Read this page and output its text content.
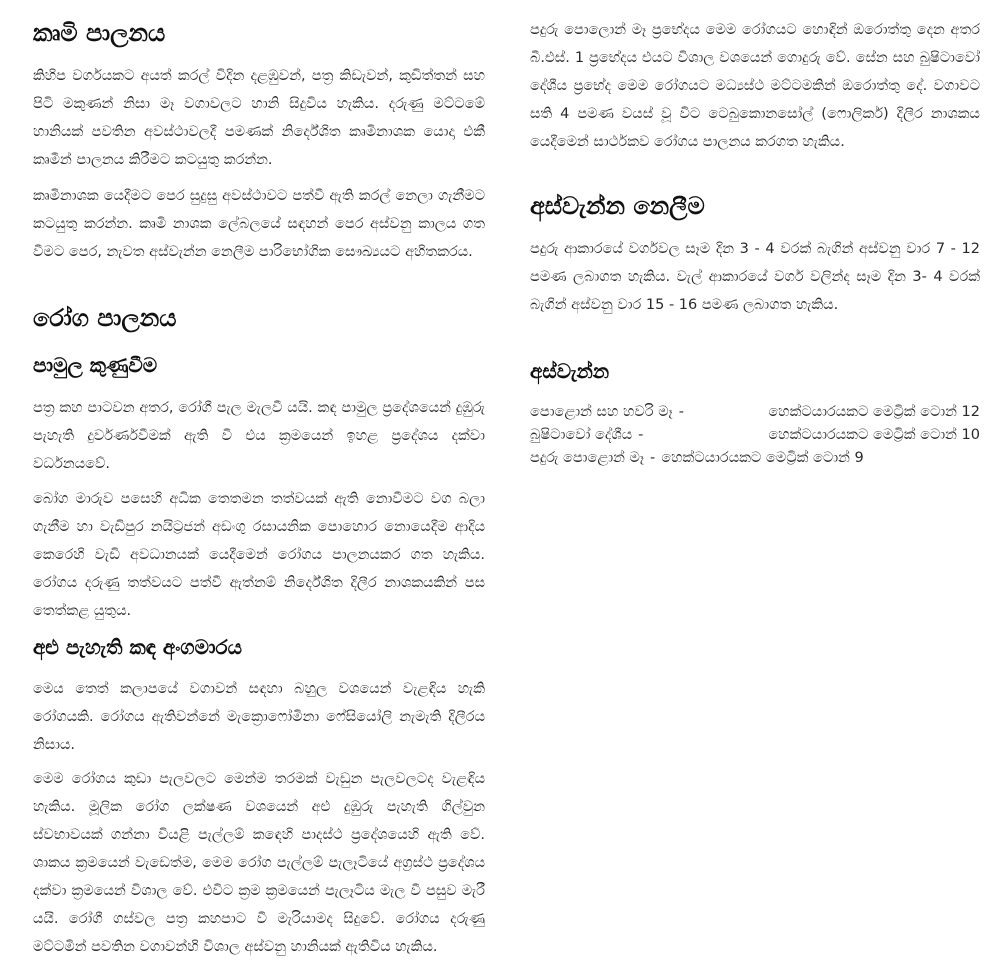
කෘමි පාලනය

කිහිප වර්ගයකට අයත් කරල් විදින දළඹුවන්, පත්‍ර කිඩැවන්, කුඩිත්තන් සහ පිටි මකුණන් නිසා මෑ වගාවලට හානි සිදුවිය හැකිය. දරුණු මට්ටමේ හානියක් පවතින අවස්ථාවලදී පමණක් නිර්දේශිත කෘමිනාශක යොදා එකී කෘමීන් පාලනය කිරීමට කටයුතු කරන්න.

කෘමිනාශක යෙදීමට පෙර සුදුසු අවස්ථාවට පත්වී ඇති කරල් නෙලා ගැනීමට කටයුතු කරන්න. කෘමි නාශක ලේබලයේ සඳහන් පෙර අස්වනු කාලය ගත වීමට පෙර, නැවත අස්වැන්න නෙලීම පාරිභෝගික සෞඛ්‍යයට අහිතකරය.

රෝග පාලනය
පාමුල කුණුවීම

පත්‍ර කහ පාටවන අතර, රෝගී පැල මැලවී යයි. කඳ පාමුල ප්‍රදේශයෙන් දුඹුරු පැහැති දුර්වර්ණවීමක් ඇති වී එය ක්‍රමයෙන් ඉහළ ප්‍රදේශය දක්වා වර්ධනයවේ.

බෝග මාරුව පසෙහි අධික තෙතමන තත්වයක් ඇති නොවීමට වග බලා ගැනීම හා වැඩිපුර නයිට්‍රජන් අඩංගු රසායනික පොහොර නොයෙදීම ආදිය කෙරෙහි වැඩි අවධානයක් යෙදීමෙන් රෝගය පාලනයකර ගත හැකිය. රෝගය දරුණු තත්වයට පත්වී ඇත්නම් නිර්දේශිත දිලීර නාශකයකින් පස තෙත්කළ යුතුය.

අළු පැහැති කඳ අංගමාරය

මෙය තෙත් කලාපයේ වගාවන් සඳහා බහුල වශයෙන් වැළඳිය හැකි රෝගයකි. රෝගය ඇතිවන්නේ මැක්‍රොෆෝමිනා ෆේසියෝලි නැමැති දිලීරය නිසාය.

මෙම රෝගය කුඩා පැලවලට මෙන්ම තරමක් වැඩුන පැලවලටද වැළඳිය හැකිය. මූලික රෝග ලක්ෂණ වශයෙන් අළු දුඹුරු පැහැති ගිල්වුන ස්වභාවයක් ගන්නා වියළි පැල්ලම් කඳෙහි පාදස්ථ ප්‍රදේශයෙහි ඇති වේ. ශාකය ක්‍රමයෙන් වැඩෙත්ම, මෙම රෝග පැල්ලම් පැලෑටියේ අග්‍රස්ථ ප්‍රදේශය දක්වා ක්‍රමයෙන් විශාල වේ. එවිට ක්‍රම ක්‍රමයෙන් පැලෑටිය මැල වී පසුව මැරී යයි. රෝගී ගස්වල පත්‍ර කහපාට වී මැරියාමද සිදුවේ. රෝගය දරුණු මට්ටමින් පවතින වගාවන්හි විශාල අස්වනු හානියක් ඇතිවිය හැකිය.

පදුරු පොලොන් මෑ ප්‍රභේදය මෙම රෝගයට හොඳින් ඔරොත්තු දෙන අතර බී.එස්. 1 ප්‍රභේදය එයට විශාල වශයෙන් ගොදුරු වේ. සේන සහ බුෂිටාවෝ දේශීය ප්‍රභේද මෙම රෝගයට මධ්‍යස්ථ මට්ටමකින් ඔරොත්තු දේ. වගාවට සති 4 පමණ වයස් වූ විට ටෙබුකොනසෝල් (ෆොලිකර්) දිලීර නාශකය යෙදීමෙන් සාර්ථකව රෝගය පාලනය කරගත හැකිය.

අස්වැන්න නෙලීම

පදුරු ආකාරයේ වර්ගවල සෑම දින 3 - 4 වරක් බැගින් අස්වනු වාර 7 - 12 පමණ ලබාගත හැකිය. වැල් ආකාරයේ වර්ග වලින්ද සෑම දින 3- 4 වරක් බැගින් අස්වනු වාර 15 - 16 පමණ ලබාගත හැකිය.

අස්වැන්න
පොළොන් සහ හවරි මෑ -	හෙක්ටයාරයකට මෙට්‍රික් ටොන් 12
බුෂිටාවෝ දේශීය -	හෙක්ටයාරයකට මෙට්‍රික් ටොන් 10
පදුරු පොළොන් මෑ - හෙක්ටයාරයකට මෙට්‍රික් ටොන් 9
